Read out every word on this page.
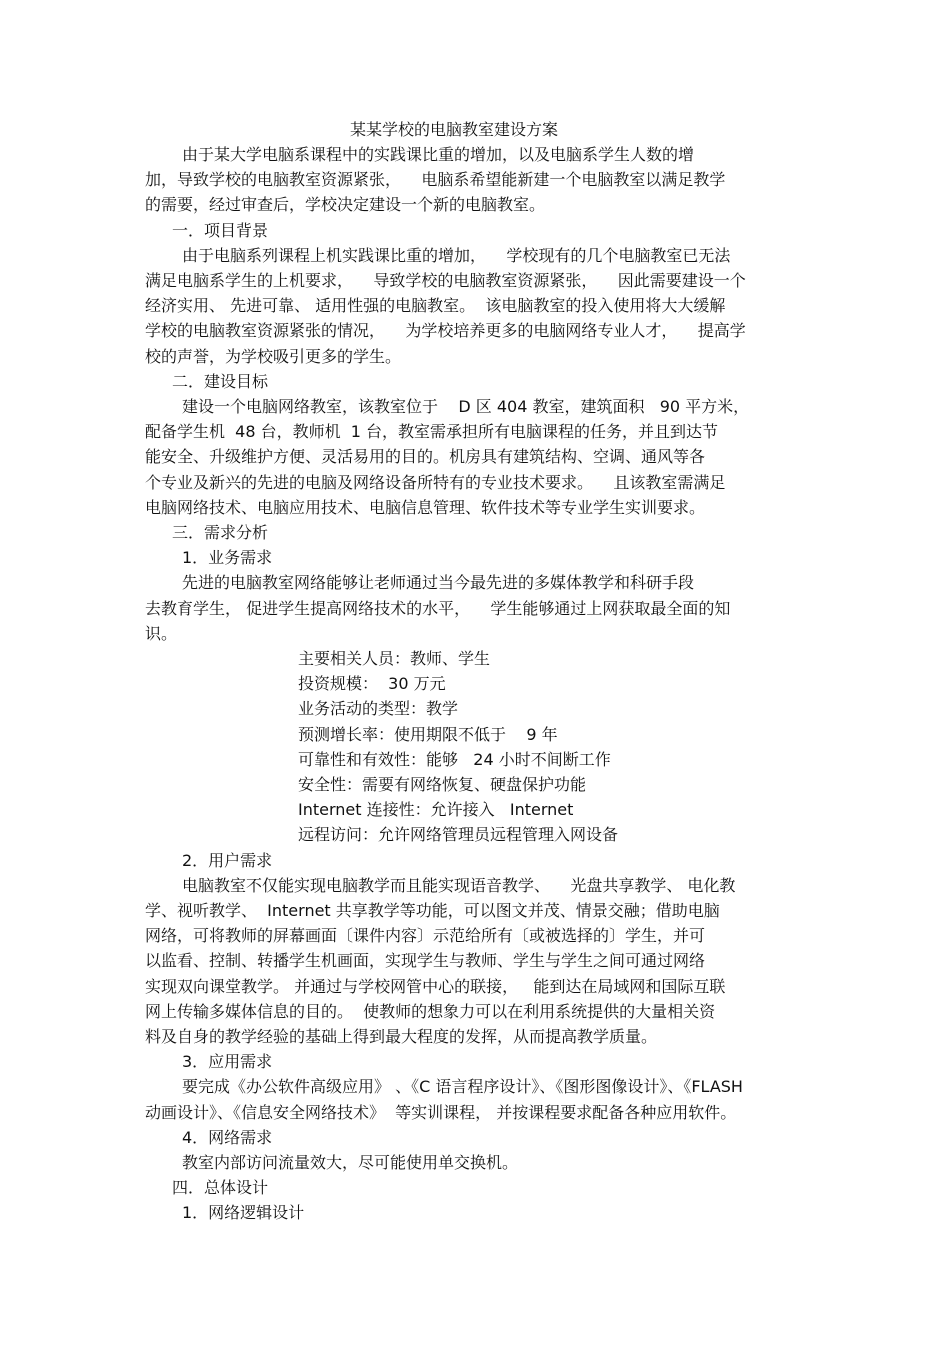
某某学校的电脑教室建设方案
由于某大学电脑系课程中的实践课比重的增加，以及电脑系学生人数的增
加，导致学校的电脑教室资源紧张，    电脑系希望能新建一个电脑教室以满足教学
的需要，经过审查后，学校决定建设一个新的电脑教室。
一．项目背景
由于电脑系列课程上机实践课比重的增加，    学校现有的几个电脑教室已无法
满足电脑系学生的上机要求，    导致学校的电脑教室资源紧张，    因此需要建设一个
经济实用、 先进可靠、 适用性强的电脑教室。  该电脑教室的投入使用将大大缓解
学校的电脑教室资源紧张的情况，    为学校培养更多的电脑网络专业人才，    提高学
校的声誉，为学校吸引更多的学生。
二．建设目标
建设一个电脑网络教室，该教室位于    D 区 404 教室，建筑面积   90 平方米，
配备学生机  48 台，教师机  1 台，教室需承担所有电脑课程的任务，并且到达节
能安全、升级维护方便、灵活易用的目的。机房具有建筑结构、空调、通风等各
个专业及新兴的先进的电脑及网络设备所特有的专业技术要求。    且该教室需满足
电脑网络技术、电脑应用技术、电脑信息管理、软件技术等专业学生实训要求。
三．需求分析
1．业务需求
先进的电脑教室网络能够让老师通过当今最先进的多媒体教学和科研手段
去教育学生， 促进学生提高网络技术的水平，    学生能够通过上网获取最全面的知
识。
主要相关人员：教师、学生
投资规模：  30 万元
业务活动的类型：教学
预测增长率：使用期限不低于    9 年
可靠性和有效性：能够   24 小时不间断工作
安全性：需要有网络恢复、硬盘保护功能
Internet 连接性：允许接入   Internet
远程访问：允许网络管理员远程管理入网设备
2．用户需求
电脑教室不仅能实现电脑教学而且能实现语音教学、    光盘共享教学、 电化教
学、视听教学、  Internet 共享教学等功能，可以图文并茂、情景交融；借助电脑
网络，可将教师的屏幕画面〔课件内容〕示范给所有〔或被选择的〕学生，并可
以监看、控制、转播学生机画面，实现学生与教师、学生与学生之间可通过网络
实现双向课堂教学。 并通过与学校网管中心的联接，   能到达在局域网和国际互联
网上传输多媒体信息的目的。  使教师的想象力可以在利用系统提供的大量相关资
料及自身的教学经验的基础上得到最大程度的发挥，从而提高教学质量。
3．应用需求
要完成《办公软件高级应用》 、《C 语言程序设计》、《图形图像设计》、《FLASH
动画设计》、《信息安全网络技术》  等实训课程， 并按课程要求配备各种应用软件。
4．网络需求
教室内部访问流量效大，尽可能使用单交换机。
四．总体设计
1．网络逻辑设计
